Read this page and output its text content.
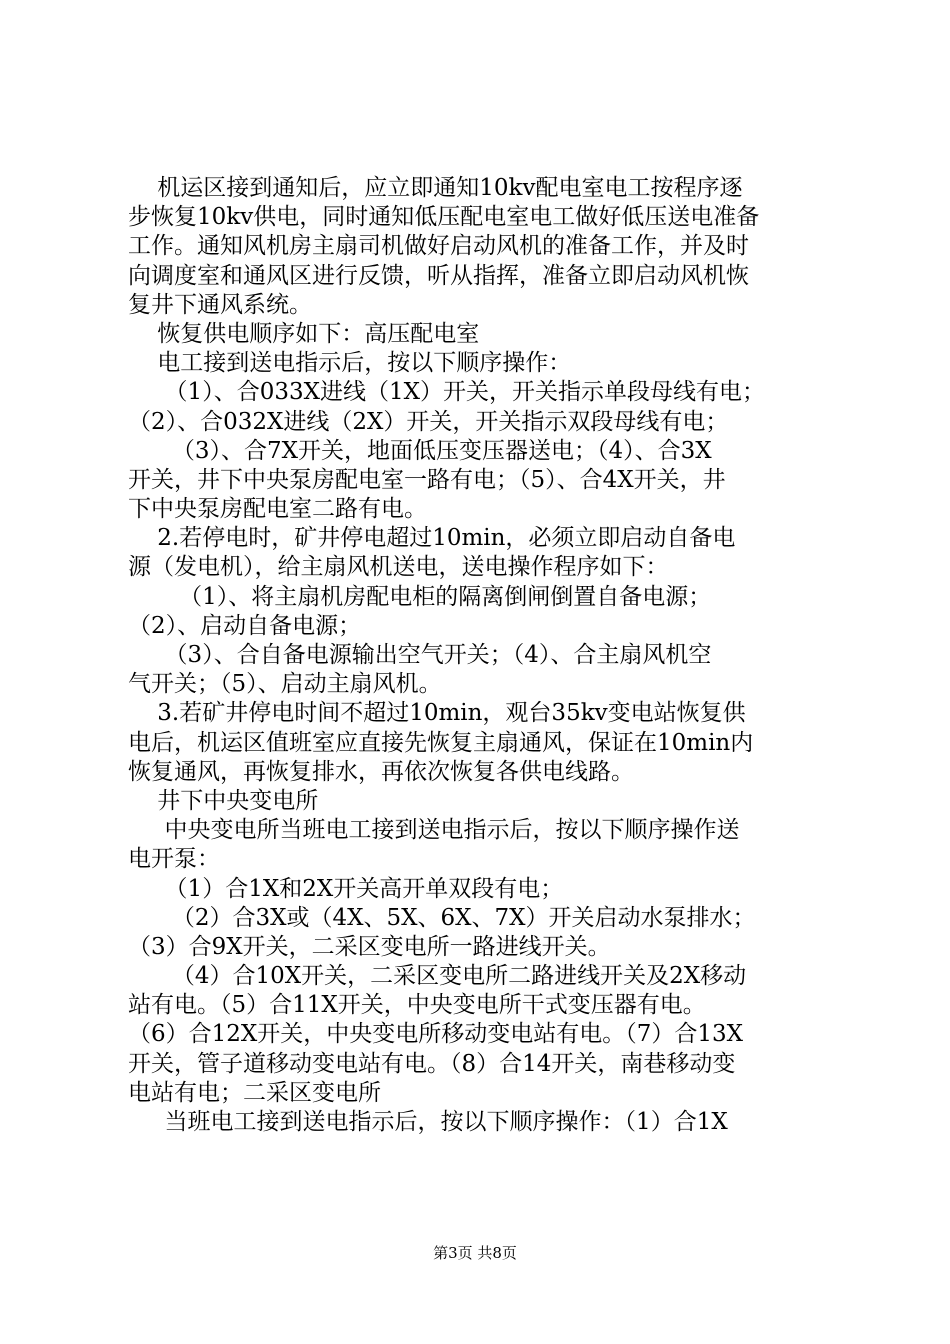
机运区接到通知后，应立即通知10kv配电室电工按程序逐
步恢复10kv供电，同时通知低压配电室电工做好低压送电准备
工作。通知风机房主扇司机做好启动风机的准备工作，并及时
向调度室和通风区进行反馈，听从指挥，准备立即启动风机恢
复井下通风系统。
恢复供电顺序如下：高压配电室
电工接到送电指示后，按以下顺序操作：
（1）、合033X进线（1X）开关，开关指示单段母线有电；
（2）、合032X进线（2X）开关，开关指示双段母线有电；
（3）、合7X开关，地面低压变压器送电；（4）、合3X
开关，井下中央泵房配电室一路有电；（5）、合4X开关，井
下中央泵房配电室二路有电。
2.若停电时，矿井停电超过10min，必须立即启动自备电
源（发电机），给主扇风机送电，送电操作程序如下：
（1）、将主扇机房配电柜的隔离倒闸倒置自备电源；
（2）、启动自备电源；
（3）、合自备电源输出空气开关；（4）、合主扇风机空
气开关；（5）、启动主扇风机。
3.若矿井停电时间不超过10min，观台35kv变电站恢复供
电后，机运区值班室应直接先恢复主扇通风，保证在10min内
恢复通风，再恢复排水，再依次恢复各供电线路。
井下中央变电所
中央变电所当班电工接到送电指示后，按以下顺序操作送
电开泵：
（1）合1X和2X开关高开单双段有电；
（2）合3X或（4X、5X、6X、7X）开关启动水泵排水；
（3）合9X开关，二采区变电所一路进线开关。
（4）合10X开关，二采区变电所二路进线开关及2X移动
站有电。（5）合11X开关，中央变电所干式变压器有电。
（6）合12X开关，中央变电所移动变电站有电。（7）合13X
开关，管子道移动变电站有电。（8）合14开关，南巷移动变
电站有电；二采区变电所
当班电工接到送电指示后，按以下顺序操作：（1）合1X
第3页 共8页
